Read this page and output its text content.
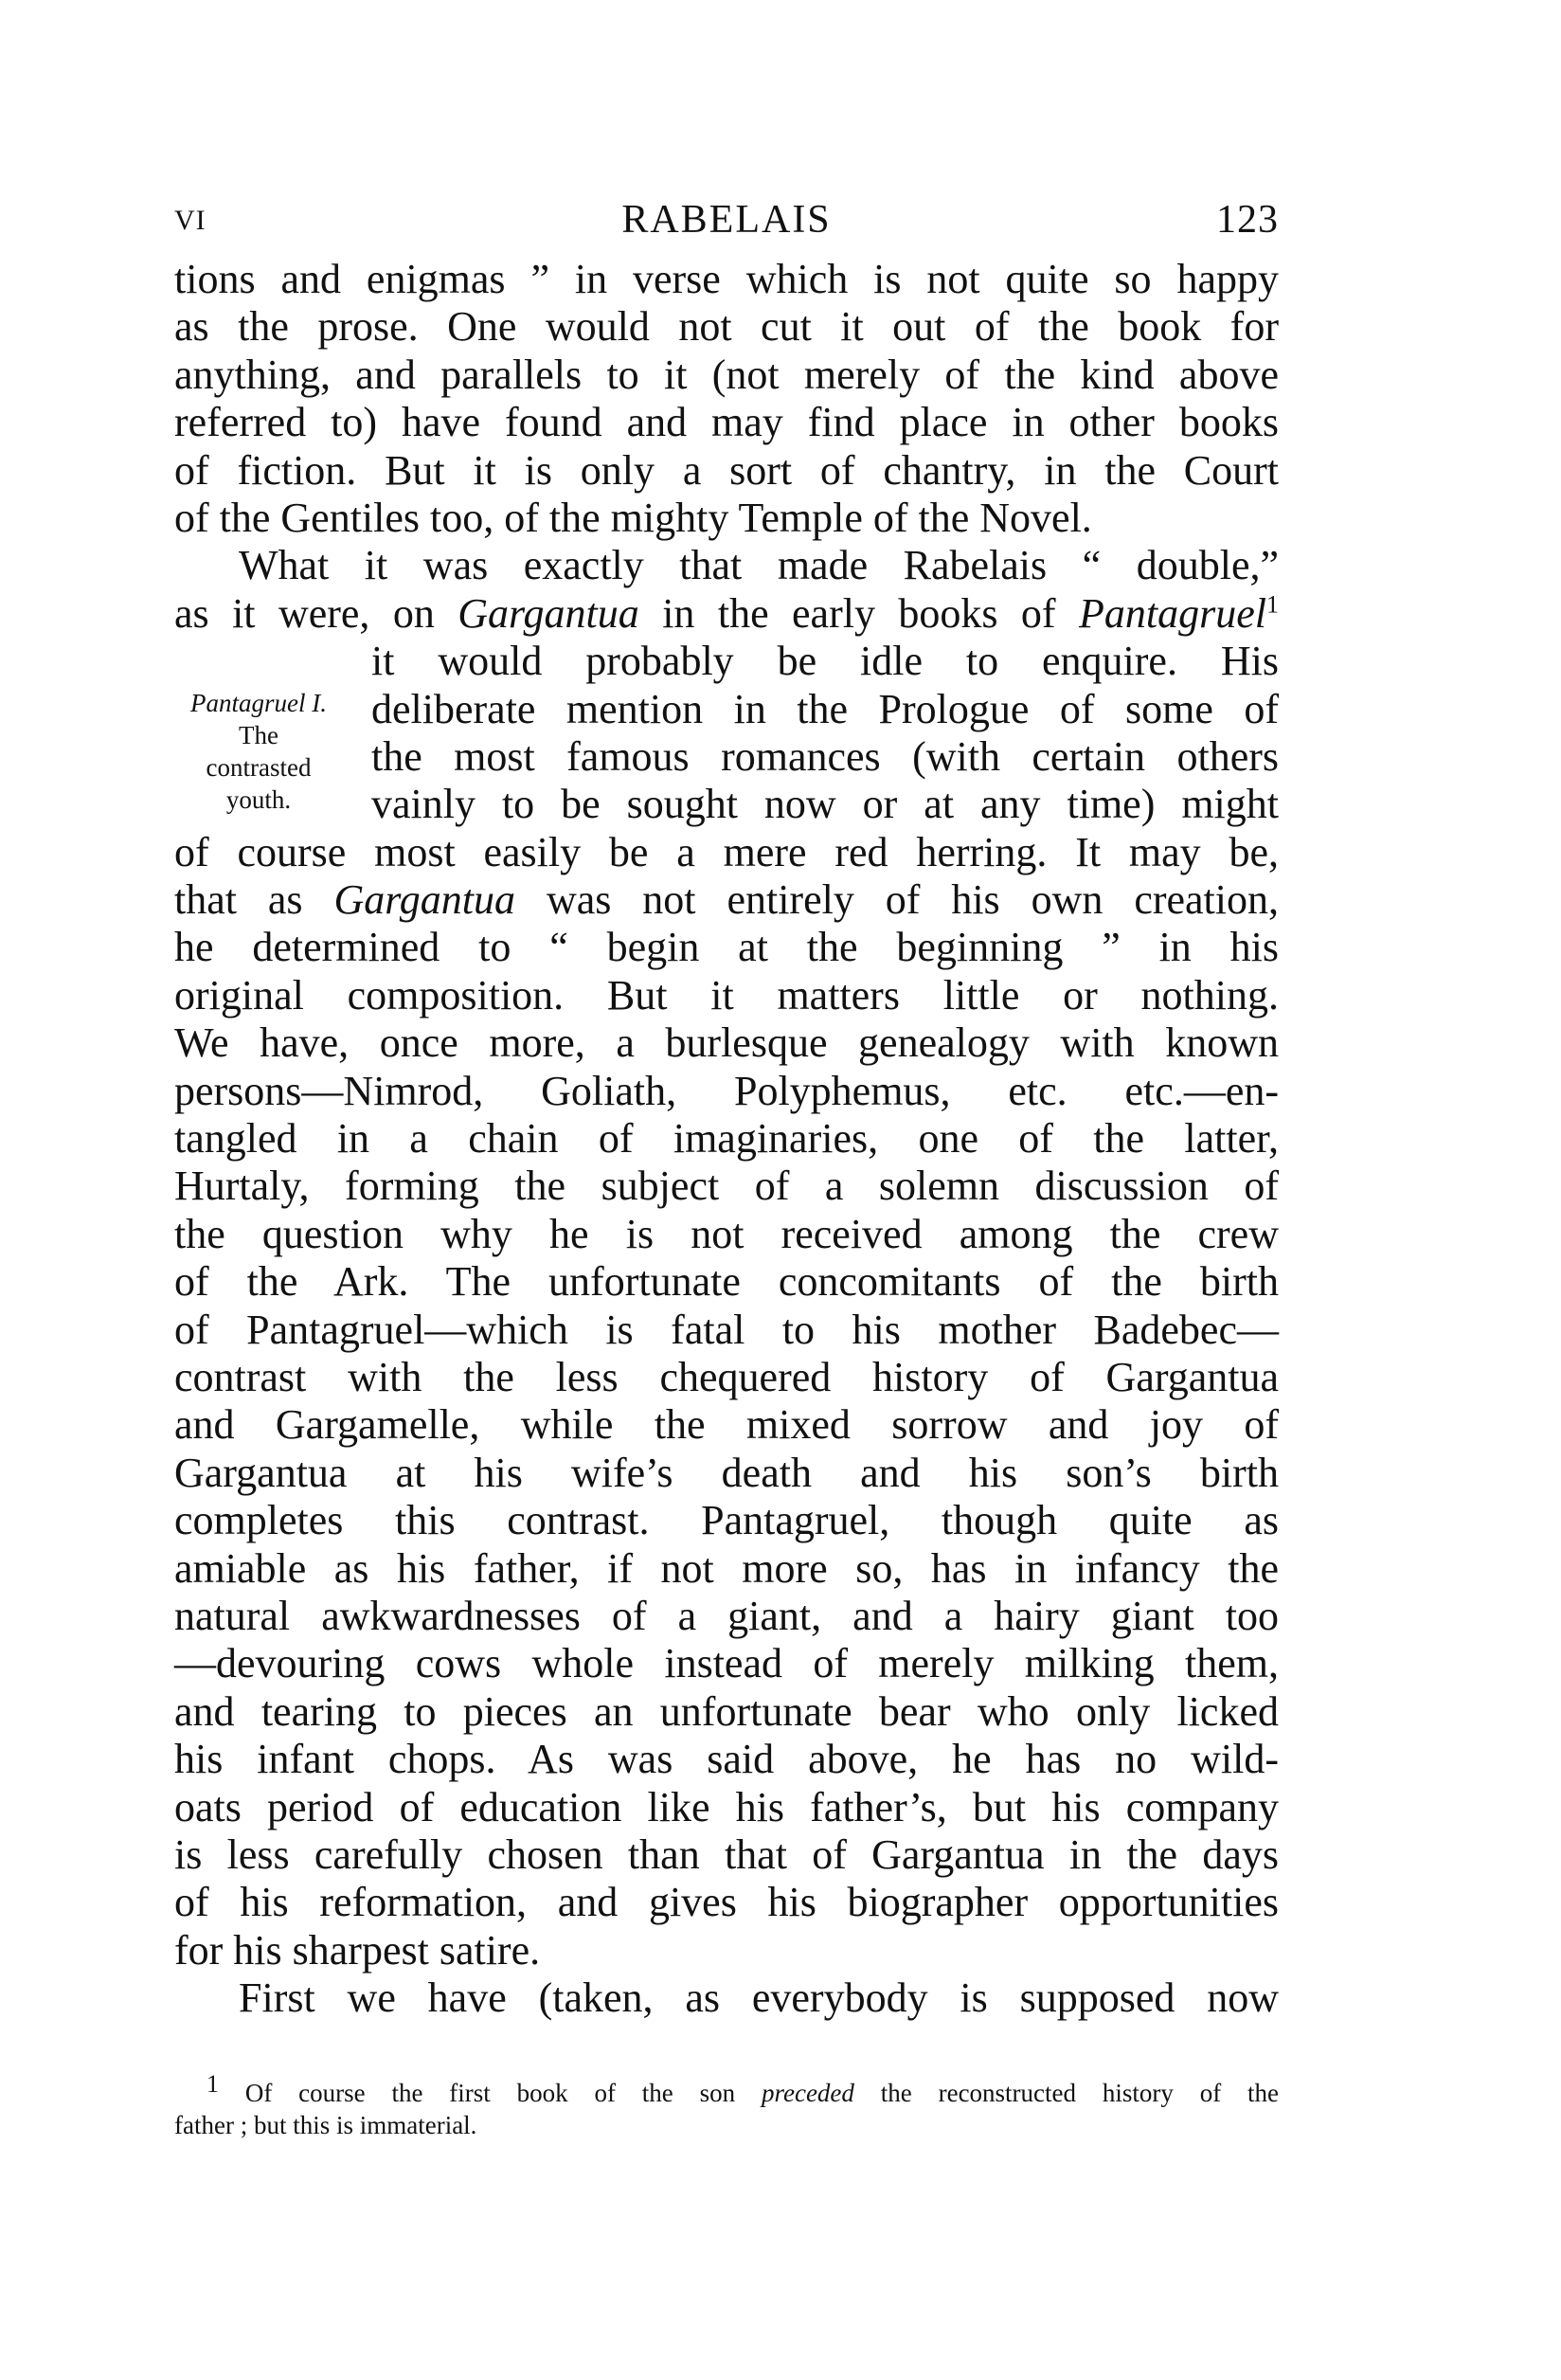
VI	RABELAIS	123
Pantagruel I.
The
contrasted
youth.
tions and enigmas ” in verse which is not quite so happy
as the prose. One would not cut it out of the book for
anything, and parallels to it (not merely of the kind above
referred to) have found and may find place in other books
of fiction. But it is only a sort of chantry, in the Court
of the Gentiles too, of the mighty Temple of the Novel.
What it was exactly that made Rabelais “ double,”
as it were, on Gargantua in the early books of Pantagruel$^1$
it would probably be idle to enquire. His
deliberate mention in the Prologue of some of
the most famous romances (with certain others
vainly to be sought now or at any time) might
of course most easily be a mere red herring. It may be,
that as Gargantua was not entirely of his own creation,
he determined to “ begin at the beginning ” in his
original composition. But it matters little or nothing.
We have, once more, a burlesque genealogy with known
persons—Nimrod, Goliath, Polyphemus, etc. etc.—en-
tangled in a chain of imaginaries, one of the latter,
Hurtaly, forming the subject of a solemn discussion of
the question why he is not received among the crew
of the Ark. The unfortunate concomitants of the birth
of Pantagruel—which is fatal to his mother Badebec—
contrast with the less chequered history of Gargantua
and Gargamelle, while the mixed sorrow and joy of
Gargantua at his wife’s death and his son’s birth
completes this contrast. Pantagruel, though quite as
amiable as his father, if not more so, has in infancy the
natural awkwardnesses of a giant, and a hairy giant too
—devouring cows whole instead of merely milking them,
and tearing to pieces an unfortunate bear who only licked
his infant chops. As was said above, he has no wild-
oats period of education like his father’s, but his company
is less carefully chosen than that of Gargantua in the days
of his reformation, and gives his biographer opportunities
for his sharpest satire.
First we have (taken, as everybody is supposed now
$^1$ Of course the first book of the son preceded the reconstructed history of the
father ; but this is immaterial.
